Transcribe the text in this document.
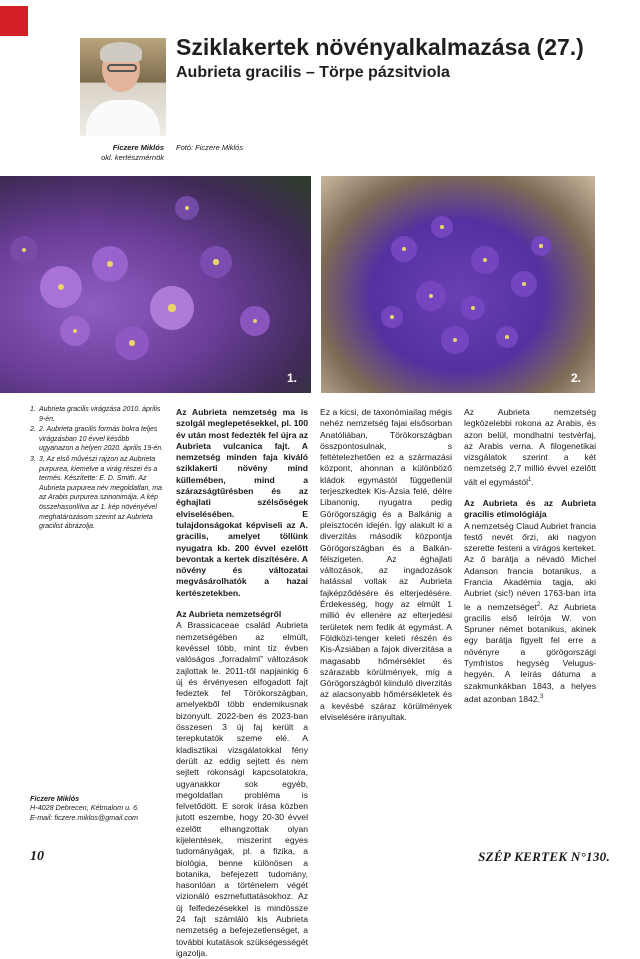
Sziklakertek növényalkalmazása (27.)
Aubrieta gracilis – Törpe pázsitviola
Ficzere Miklós
okl. kertészmérnök
Fotó: Ficzere Miklós
1.	2.
1. Aubrieta gracilis virágzása 2010. április 9-én.
2. 2. Aubrieta gracilis formás bokra teljes virágzásban 10 évvel később ugyanazon a helyen 2020. április 19-én.
3. 3. Az első művészi rajzon az Aubrieta purpurea, kiemelve a virág részei és a termés. Készítette: E. D. Smith. Az Aubrieta purpurea név megoldatlan, ma az Arabis purpurea szinonimája. A kép összehasonlítva az 1. kép növényével meghatározásom szerint az Aubrieta gracilist ábrázolja.

Az Aubrieta nemzetség ma is szolgál meglepetésekkel, pl. 100 év után most fedezték fel újra az Aubrieta vulcanica fajt. A nemzetség minden faja kiváló sziklakerti növény mind küllemében, mind a szárazságtűrésben és az éghajlati szélsőségek elviselésében. E tulajdonságokat képviseli az A. gracilis, amelyet töllünk nyugatra kb. 200 évvel ezelőtt bevontak a kertek díszítésére. A növény és változatai megvásárolhatók a hazai kertészetekben.

Az Aubrieta nemzetségről

A Brassicaceae család Aubrieta nemzetségében az elmúlt, kevéssel több, mint tíz évben valóságos „forradalmi” változások zajlottak le. 2011-től napjainkig 6 új és érvényesen elfogadott fajt fedeztek fel Törökországban, amelyekből több endemikusnak bizonyult. 2022-ben és 2023-ban összesen 3 új faj került a terepkutatók szeme elé. A kladisztikai vizsgálatokkal fény derült az eddig sejtett és nem sejtett rokonsági kapcsolatokra, ugyanakkor sok egyéb, megoldatlan probléma is felvetődött. E sorok írása közben jutott eszembe, hogy 20-30 évvel ezelőtt elhangzottak olyan kijelentések, miszerint egyes tudományágak, pl. a fizika, a biológia, benne különösen a botanika, befejezett tudomány, hasonlóan a történelem végét vizionáló eszmefuttatásokhoz. Az új felfedezésekkel is mindössze 24 fajt számláló kis Aubrieta nemzetség a befejezetlenséget, a további kutatások szükségességét igazolja.

Ez a kicsi, de taxonómiailag mégis nehéz nemzetség fajai elsősorban Anatóliában, Törökországban összpontosulnak, s feltételezhetően ez a származási központ, ahonnan a különböző kládok egymástól függetlenül terjeszkedtek Kis-Ázsia felé, délre Libanonig, nyugatra pedig Görögországig és a Balkánig a pleisztocén idején. Így alakult ki a diverzitás második központja Görögországban és a Balkán-félszigeten. Az éghajlati változások, az ingadozások hatással voltak az Aubrieta fajképződésére és elterjedésére. Érdekesség, hogy az elmúlt 1 millió év ellenére az elterjedési területek nem fedik át egymást. A Földközi-tenger keleti részén és Kis-Ázsiában a fajok diverzitása a magasabb hőmérséklet és szárazabb körülmények, míg a Görögországból kiinduló diverzitás az alacsonyabb hőmérsékletek és a kevésbé száraz körülmények elviselésére irányultak.

Az Aubrieta nemzetség legközelebbi rokona az Arabis, és azon belül, mondhatni testvérfaj, az Arabis verna. A filogenetikai vizsgálatok szerint a két nemzetség 2,7 millió évvel ezelőtt vált el egymástól$^1$.

Az Aubrieta és az Aubrieta gracilis etimológiája

A nemzetség Claud Aubriet francia festő nevét őrzi, aki nagyon szerette festeni a virágos kerteket. Az ő barátja a névadó Michel Adanson francia botanikus, a Francia Akadémia tagja, aki Aubriet (sic!) néven 1763-ban írta le a nemzetséget$^2$. Az Aubrieta gracilis első leírója W. von Spruner német botanikus, akinek egy barátja figyelt fel erre a növényre a görögországi Tymfristos hegység Velugus-hegyén. A leírás dátuma a szakmunkákban 1843, a helyes adat azonban 1842.$^3$

Ficzere Miklós
H-4028 Debrecen, Kétmalom u. 6.
E-mail: ficzere.miklos@gmail.com
10	SZÉP KERTEK N°130.
